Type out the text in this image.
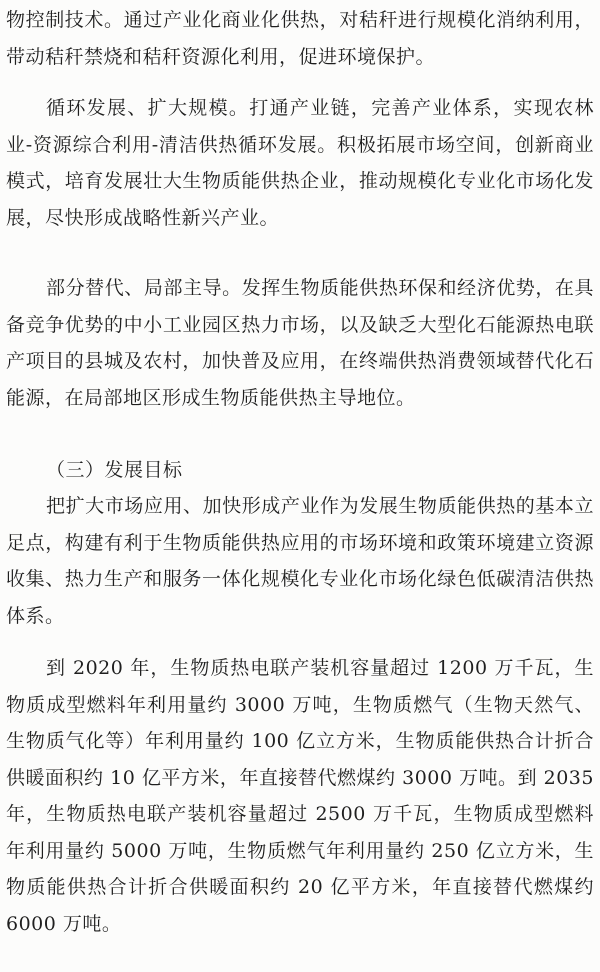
物控制技术。通过产业化商业化供热，对秸秆进行规模化消纳利用，带动秸秆禁烧和秸秆资源化利用，促进环境保护。

循环发展、扩大规模。打通产业链，完善产业体系，实现农林业-资源综合利用-清洁供热循环发展。积极拓展市场空间，创新商业模式，培育发展壮大生物质能供热企业，推动规模化专业化市场化发展，尽快形成战略性新兴产业。

部分替代、局部主导。发挥生物质能供热环保和经济优势，在具备竞争优势的中小工业园区热力市场，以及缺乏大型化石能源热电联产项目的县城及农村，加快普及应用，在终端供热消费领域替代化石能源，在局部地区形成生物质能供热主导地位。

（三）发展目标

把扩大市场应用、加快形成产业作为发展生物质能供热的基本立足点，构建有利于生物质能供热应用的市场环境和政策环境建立资源收集、热力生产和服务一体化规模化专业化市场化绿色低碳清洁供热体系。

到 2020 年，生物质热电联产装机容量超过 1200 万千瓦，生物质成型燃料年利用量约 3000 万吨，生物质燃气（生物天然气、生物质气化等）年利用量约 100 亿立方米，生物质能供热合计折合供暖面积约 10 亿平方米，年直接替代燃煤约 3000 万吨。到 2035 年，生物质热电联产装机容量超过 2500 万千瓦，生物质成型燃料年利用量约 5000 万吨，生物质燃气年利用量约 250 亿立方米，生物质能供热合计折合供暖面积约 20 亿平方米，年直接替代燃煤约 6000 万吨。
